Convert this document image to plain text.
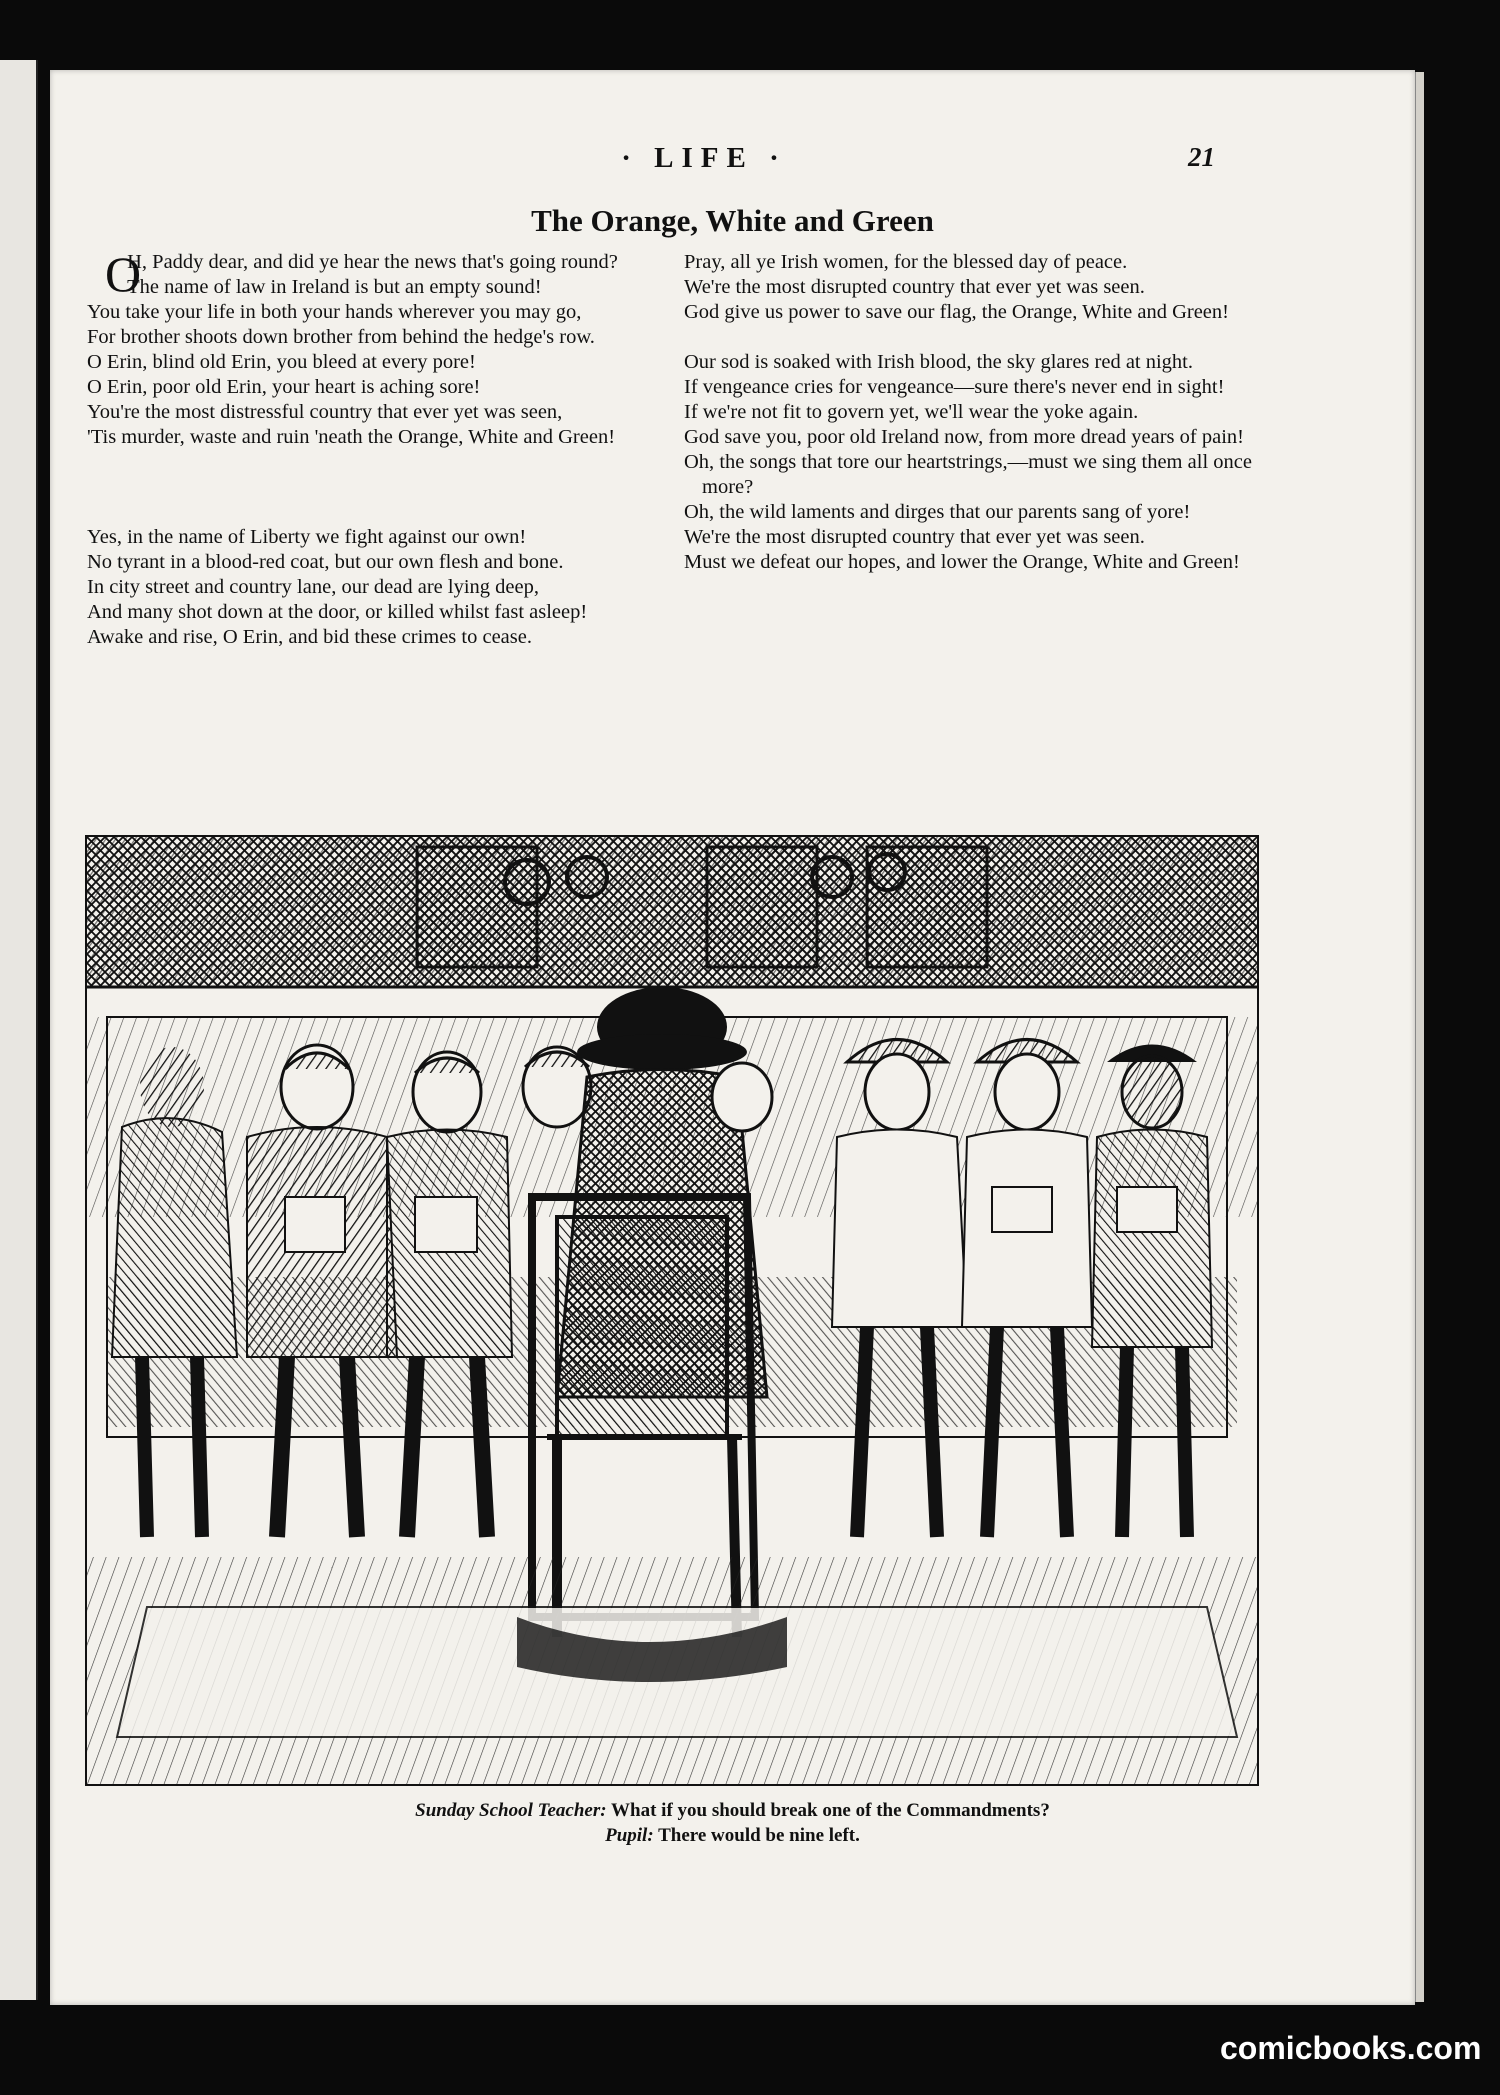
· LIFE ·	21
The Orange, White and Green

O
H, Paddy dear, and did ye hear the news that's going round?

The name of law in Ireland is but an empty sound!

You take your life in both your hands wherever you may go,

For brother shoots down brother from behind the hedge's row.

O Erin, blind old Erin, you bleed at every pore!

O Erin, poor old Erin, your heart is aching sore!

You're the most distressful country that ever yet was seen,

'Tis murder, waste and ruin 'neath the Orange, White and Green!

Yes, in the name of Liberty we fight against our own!

No tyrant in a blood-red coat, but our own flesh and bone.

In city street and country lane, our dead are lying deep,

And many shot down at the door, or killed whilst fast asleep!

Awake and rise, O Erin, and bid these crimes to cease.

Pray, all ye Irish women, for the blessed day of peace.

We're the most disrupted country that ever yet was seen.

God give us power to save our flag, the Orange, White and Green!

Our sod is soaked with Irish blood, the sky glares red at night.

If vengeance cries for vengeance—sure there's never end in sight!

If we're not fit to govern yet, we'll wear the yoke again.

God save you, poor old Ireland now, from more dread years of pain!

Oh, the songs that tore our heartstrings,—must we sing them all once more?

Oh, the wild laments and dirges that our parents sang of yore!

We're the most disrupted country that ever yet was seen.

Must we defeat our hopes, and lower the Orange, White and Green!

Sunday School Teacher: What if you should break one of the Commandments?
Pupil: There would be nine left.
comicbooks.com
